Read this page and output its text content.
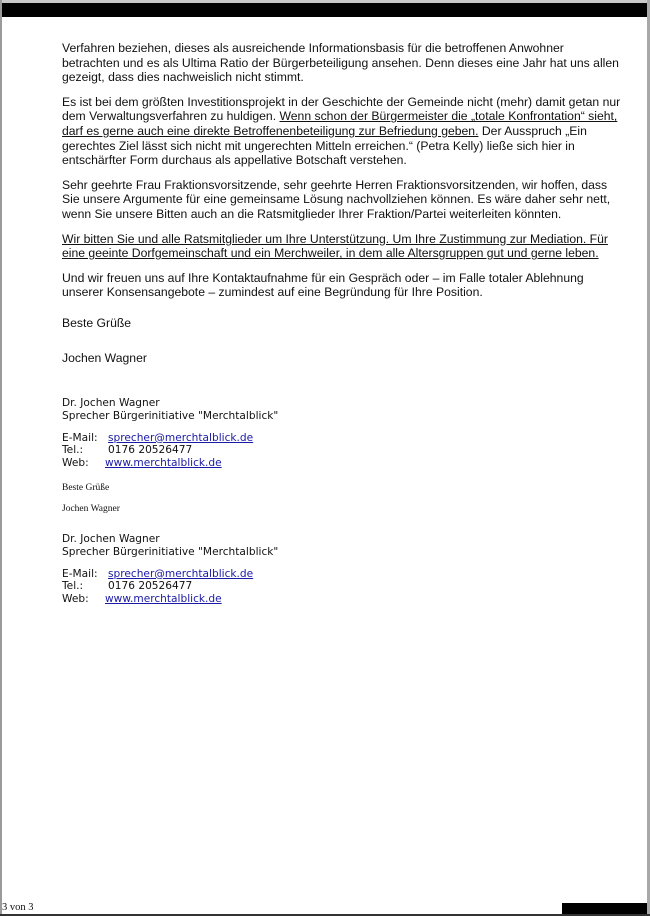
Verfahren beziehen, dieses als ausreichende Informationsbasis für die betroffenen Anwohner betrachten und es als Ultima Ratio der Bürgerbeteiligung ansehen. Denn dieses eine Jahr hat uns allen gezeigt, dass dies nachweislich nicht stimmt.

Es ist bei dem größten Investitionsprojekt in der Geschichte der Gemeinde nicht (mehr) damit getan nur dem Verwaltungsverfahren zu huldigen. Wenn schon der Bürgermeister die „totale Konfrontation“ sieht, darf es gerne auch eine direkte Betroffenenbeteiligung zur Befriedung geben. Der Ausspruch „Ein gerechtes Ziel lässt sich nicht mit ungerechten Mitteln erreichen.“ (Petra Kelly) ließe sich hier in entschärfter Form durchaus als appellative Botschaft verstehen.

Sehr geehrte Frau Fraktionsvorsitzende, sehr geehrte Herren Fraktionsvorsitzenden, wir hoffen, dass Sie unsere Argumente für eine gemeinsame Lösung nachvollziehen können. Es wäre daher sehr nett, wenn Sie unsere Bitten auch an die Ratsmitglieder Ihrer Fraktion/Partei weiterleiten könnten.

Wir bitten Sie und alle Ratsmitglieder um Ihre Unterstützung. Um Ihre Zustimmung zur Mediation. Für eine geeinte Dorfgemeinschaft und ein Merchweiler, in dem alle Altersgruppen gut und gerne leben.

Und wir freuen uns auf Ihre Kontaktaufnahme für ein Gespräch oder – im Falle totaler Ablehnung unserer Konsensangebote – zumindest auf eine Begründung für Ihre Position.

Beste Grüße

Jochen Wagner

Dr. Jochen Wagner
Sprecher Bürgerinitiative "Merchtalblick"
E-Mail: sprecher@merchtalblick.de
Tel.:	0176 20526477
Web:	www.merchtalblick.de
Beste Grüße
Jochen Wagner
Dr. Jochen Wagner
Sprecher Bürgerinitiative "Merchtalblick"
E-Mail: sprecher@merchtalblick.de
Tel.:	0176 20526477
Web:	www.merchtalblick.de
3 von 3
